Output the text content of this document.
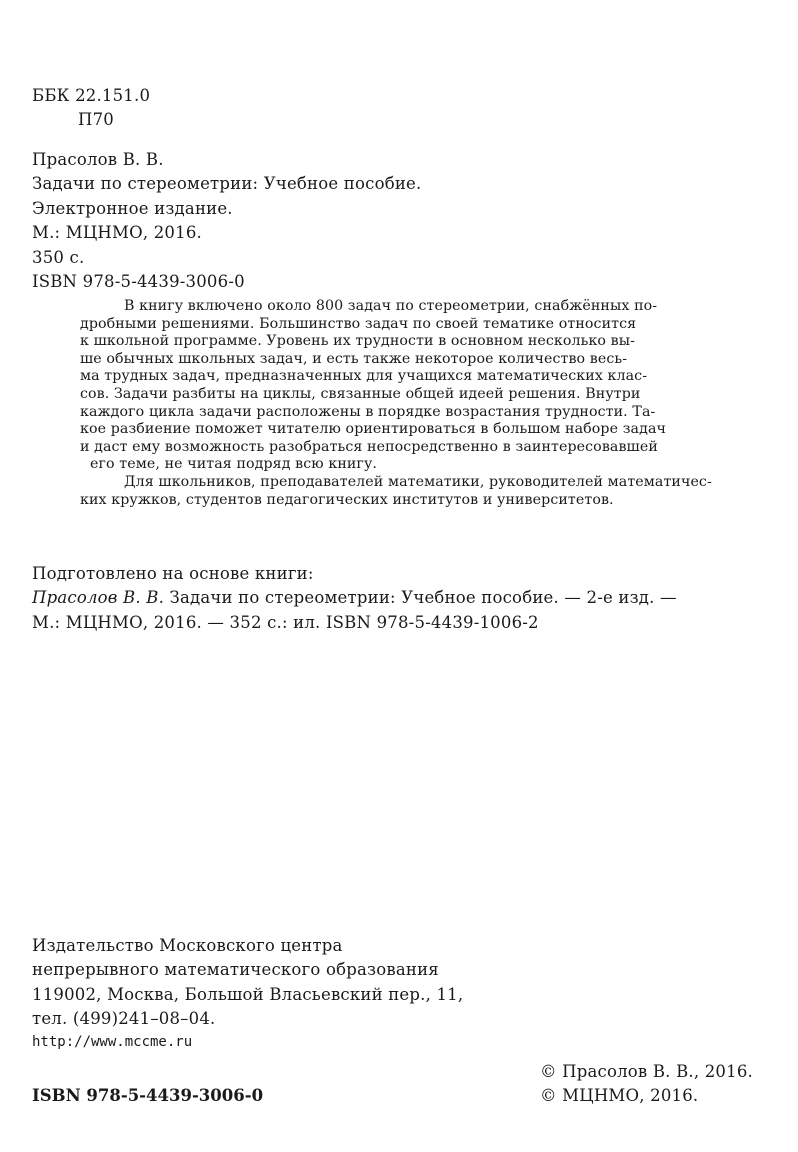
ББК 22.151.0
П70
Прасолов В. В.
Задачи по стереометрии: Учебное пособие.
Электронное издание.
М.: МЦНМО, 2016.
350 с.
ISBN 978-5-4439-3006-0
В книгу включено около 800 задач по стереометрии, снабжённых по-
дробными решениями. Большинство задач по своей тематике относится
к школьной программе. Уровень их трудности в основном несколько вы-
ше обычных школьных задач, и есть также некоторое количество весь-
ма трудных задач, предназначенных для учащихся математических клас-
сов. Задачи разбиты на циклы, связанные общей идеей решения. Внутри
каждого цикла задачи расположены в порядке возрастания трудности. Та-
кое разбиение поможет читателю ориентироваться в большом наборе задач
и даст ему возможность разобраться непосредственно в заинтересовавшей
его теме, не читая подряд всю книгу.
Для школьников, преподавателей математики, руководителей математичес-
ких кружков, студентов педагогических институтов и университетов.
Подготовлено на основе книги:
Прасолов В. В. Задачи по стереометрии: Учебное пособие. — 2-е изд. —
М.: МЦНМО, 2016. — 352 с.: ил. ISBN 978-5-4439-1006-2
Издательство Московского центра
непрерывного математического образования
119002, Москва, Большой Власьевский пер., 11,
тел. (499)241–08–04.
http://www.mccme.ru
ISBN 978-5-4439-3006-0
© Прасолов В. В., 2016.
© МЦНМО, 2016.
